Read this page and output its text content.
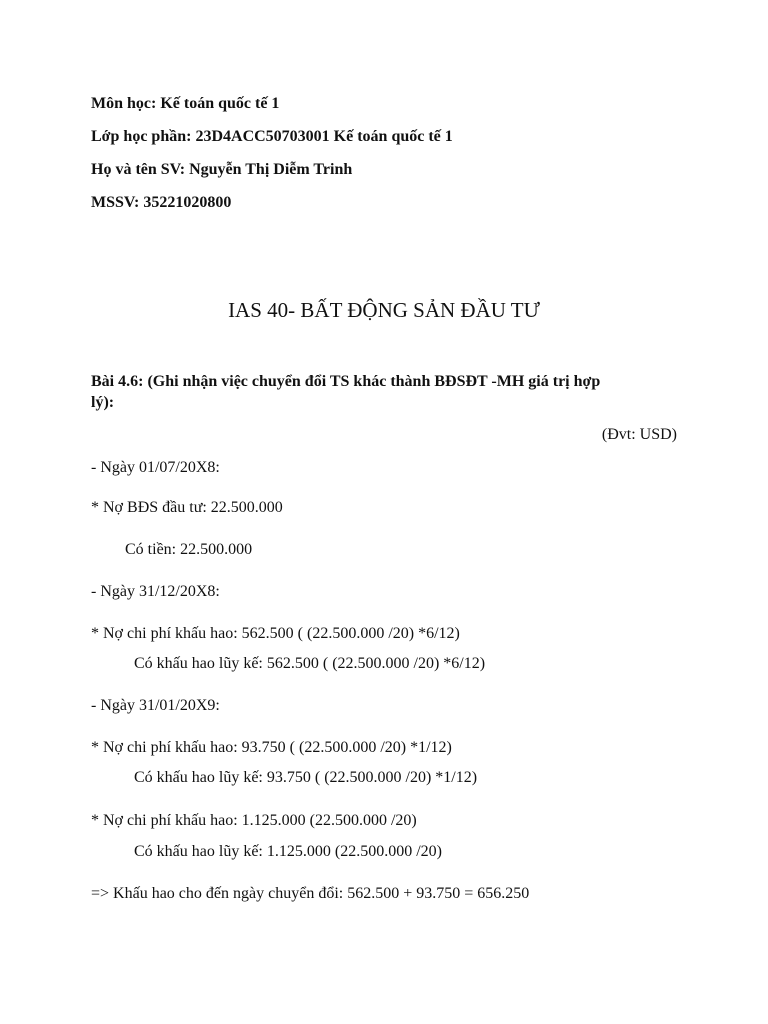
Môn học: Kế toán quốc tế 1
Lớp học phần: 23D4ACC50703001 Kế toán quốc tế 1
Họ và tên SV: Nguyễn Thị Diễm Trinh
MSSV: 35221020800
IAS 40- BẤT ĐỘNG SẢN ĐẦU TƯ
Bài 4.6: (Ghi nhận việc chuyển đổi TS khác thành BĐSĐT -MH giá trị hợp
lý):
(Đvt: USD)
- Ngày 01/07/20X8:
* Nợ BĐS đầu tư: 22.500.000
Có tiền: 22.500.000
- Ngày 31/12/20X8:
* Nợ chi phí khấu hao: 562.500 ( (22.500.000 /20) *6/12)
Có khấu hao lũy kế: 562.500 ( (22.500.000 /20) *6/12)
- Ngày 31/01/20X9:
* Nợ chi phí khấu hao: 93.750 ( (22.500.000 /20) *1/12)
Có khấu hao lũy kế: 93.750 ( (22.500.000 /20) *1/12)
* Nợ chi phí khấu hao: 1.125.000 (22.500.000 /20)
Có khấu hao lũy kế: 1.125.000 (22.500.000 /20)
=> Khấu hao cho đến ngày chuyển đổi: 562.500 + 93.750 = 656.250
